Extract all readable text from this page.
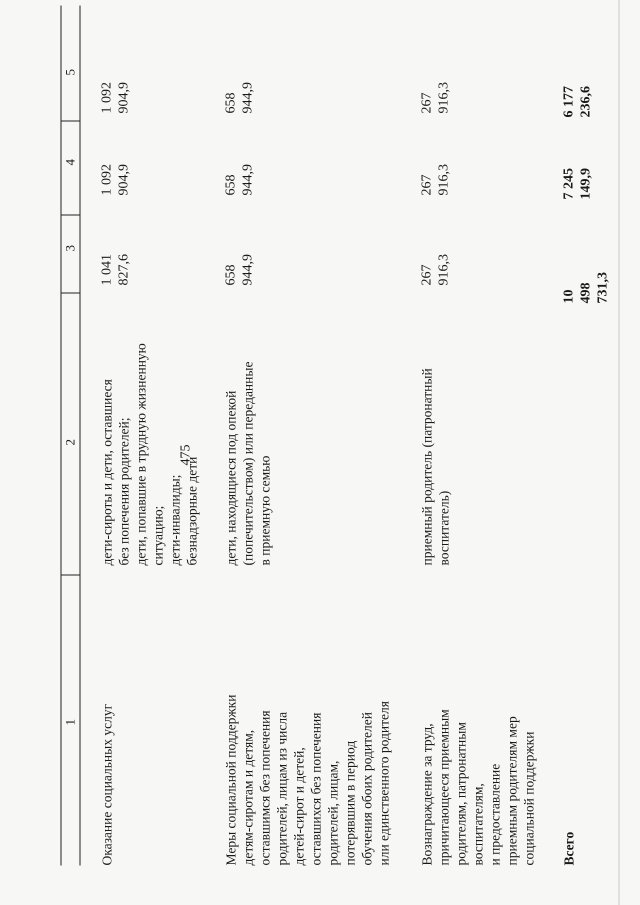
475
1
2
3
4
5
Оказание социальных услуг
дети-сироты и дети, оставшиеся без попечения родителей; дети, попавшие в трудную жизненную ситуацию; дети-инвалиды; безнадзорные дети
1 041 827,6
1 092 904,9
1 092 904,9
Меры социальной поддержки детям-сиротам и детям, оставшимся без попечения родителей, лицам из числа детей-сирот и детей, оставшихся без попечения родителей, лицам, потерявшим в период обучения обоих родителей или единственного родителя
дети, находящиеся под опекой (попечительством) или переданные в приемную семью
658 944,9
658 944,9
658 944,9
Вознаграждение за труд, причитающееся приемным родителям, патронатным воспитателям, и предоставление приемным родителям мер социальной поддержки
приемный родитель (патронатный воспитатель)
267 916,3
267 916,3
267 916,3
Всего
10 498 731,3
7 245 149,9
6 177 236,6
